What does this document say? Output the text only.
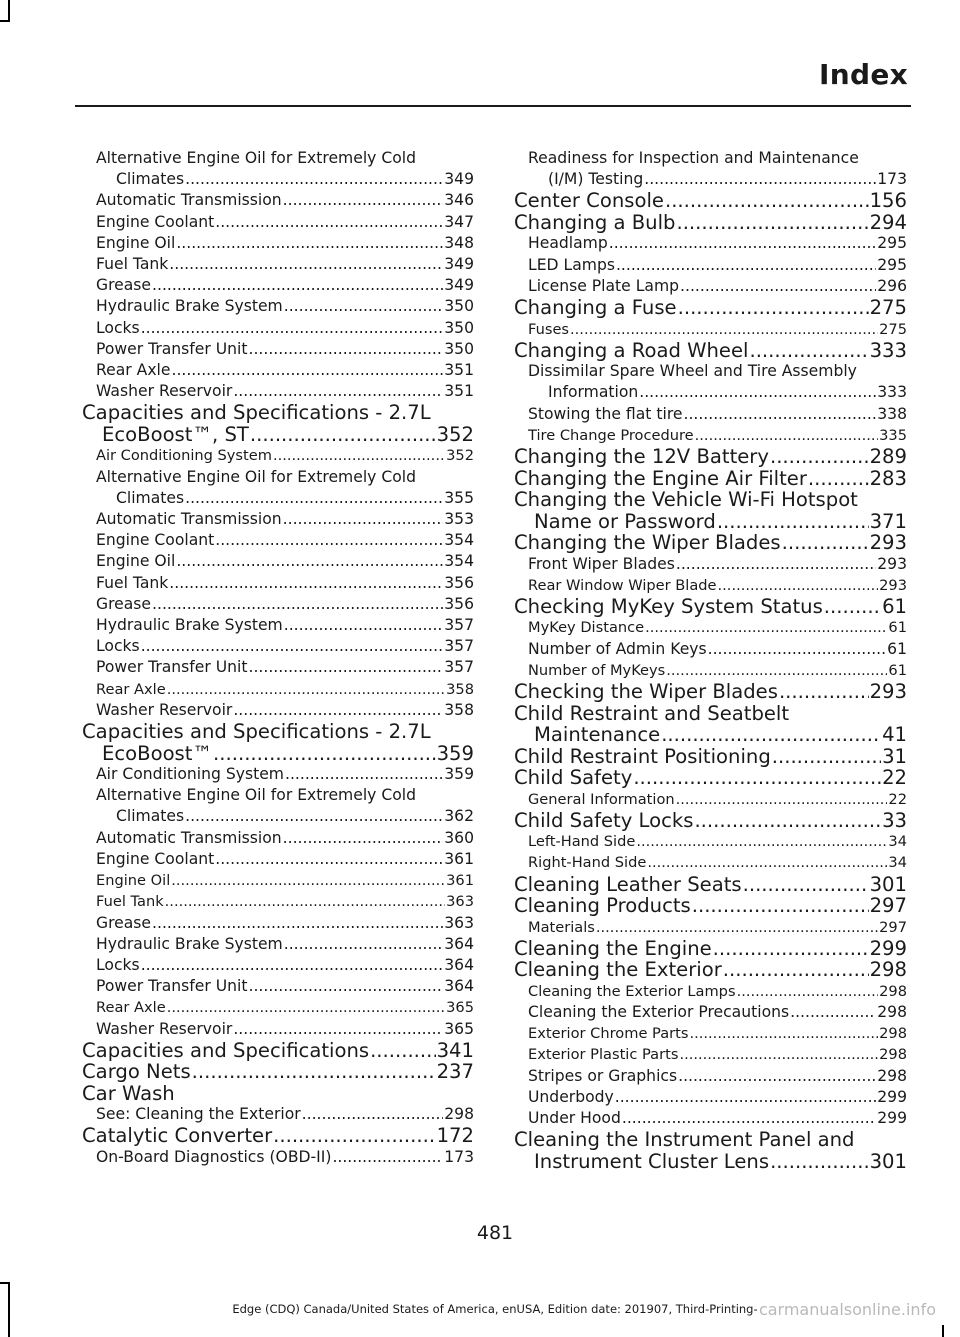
Index
Alternative Engine Oil for Extremely Cold
Climates .....	349
Automatic Transmission .....	346
Engine Coolant .....	347
Engine Oil .....	348
Fuel Tank .....	349
Grease .....	349
Hydraulic Brake System .....	350
Locks .....	350
Power Transfer Unit .....	350
Rear Axle .....	351
Washer Reservoir .....	351
Capacities and Specifications - 2.7L
EcoBoost™, ST .....	352
Air Conditioning System .....	352
Alternative Engine Oil for Extremely Cold
Climates .....	355
Automatic Transmission .....	353
Engine Coolant .....	354
Engine Oil .....	354
Fuel Tank .....	356
Grease .....	356
Hydraulic Brake System .....	357
Locks .....	357
Power Transfer Unit .....	357
Rear Axle .....	358
Washer Reservoir .....	358
Capacities and Specifications - 2.7L
EcoBoost™ .....	359
Air Conditioning System .....	359
Alternative Engine Oil for Extremely Cold
Climates .....	362
Automatic Transmission .....	360
Engine Coolant .....	361
Engine Oil .....	361
Fuel Tank .....	363
Grease .....	363
Hydraulic Brake System .....	364
Locks .....	364
Power Transfer Unit .....	364
Rear Axle .....	365
Washer Reservoir .....	365
Capacities and Specifications .....	341
Cargo Nets .....	237
Car Wash
See: Cleaning the Exterior .....	298
Catalytic Converter .....	172
On-Board Diagnostics (OBD-II) .....	173
Readiness for Inspection and Maintenance
(I/M) Testing .....	173
Center Console .....	156
Changing a Bulb .....	294
Headlamp .....	295
LED Lamps .....	295
License Plate Lamp .....	296
Changing a Fuse .....	275
Fuses .....	275
Changing a Road Wheel .....	333
Dissimilar Spare Wheel and Tire Assembly
Information .....	333
Stowing the flat tire .....	338
Tire Change Procedure .....	335
Changing the 12V Battery .....	289
Changing the Engine Air Filter .....	283
Changing the Vehicle Wi-Fi Hotspot
Name or Password .....	371
Changing the Wiper Blades .....	293
Front Wiper Blades .....	293
Rear Window Wiper Blade .....	293
Checking MyKey System Status .....	61
MyKey Distance .....	61
Number of Admin Keys .....	61
Number of MyKeys .....	61
Checking the Wiper Blades .....	293
Child Restraint and Seatbelt
Maintenance .....	41
Child Restraint Positioning .....	31
Child Safety .....	22
General Information .....	22
Child Safety Locks .....	33
Left-Hand Side .....	34
Right-Hand Side .....	34
Cleaning Leather Seats .....	301
Cleaning Products .....	297
Materials .....	297
Cleaning the Engine .....	299
Cleaning the Exterior .....	298
Cleaning the Exterior Lamps .....	298
Cleaning the Exterior Precautions .....	298
Exterior Chrome Parts .....	298
Exterior Plastic Parts .....	298
Stripes or Graphics .....	298
Underbody .....	299
Under Hood .....	299
Cleaning the Instrument Panel and
Instrument Cluster Lens .....	301
481
Edge (CDQ) Canada/United States of America, enUSA, Edition date: 201907, Third-Printing- carmanualsonline.info
